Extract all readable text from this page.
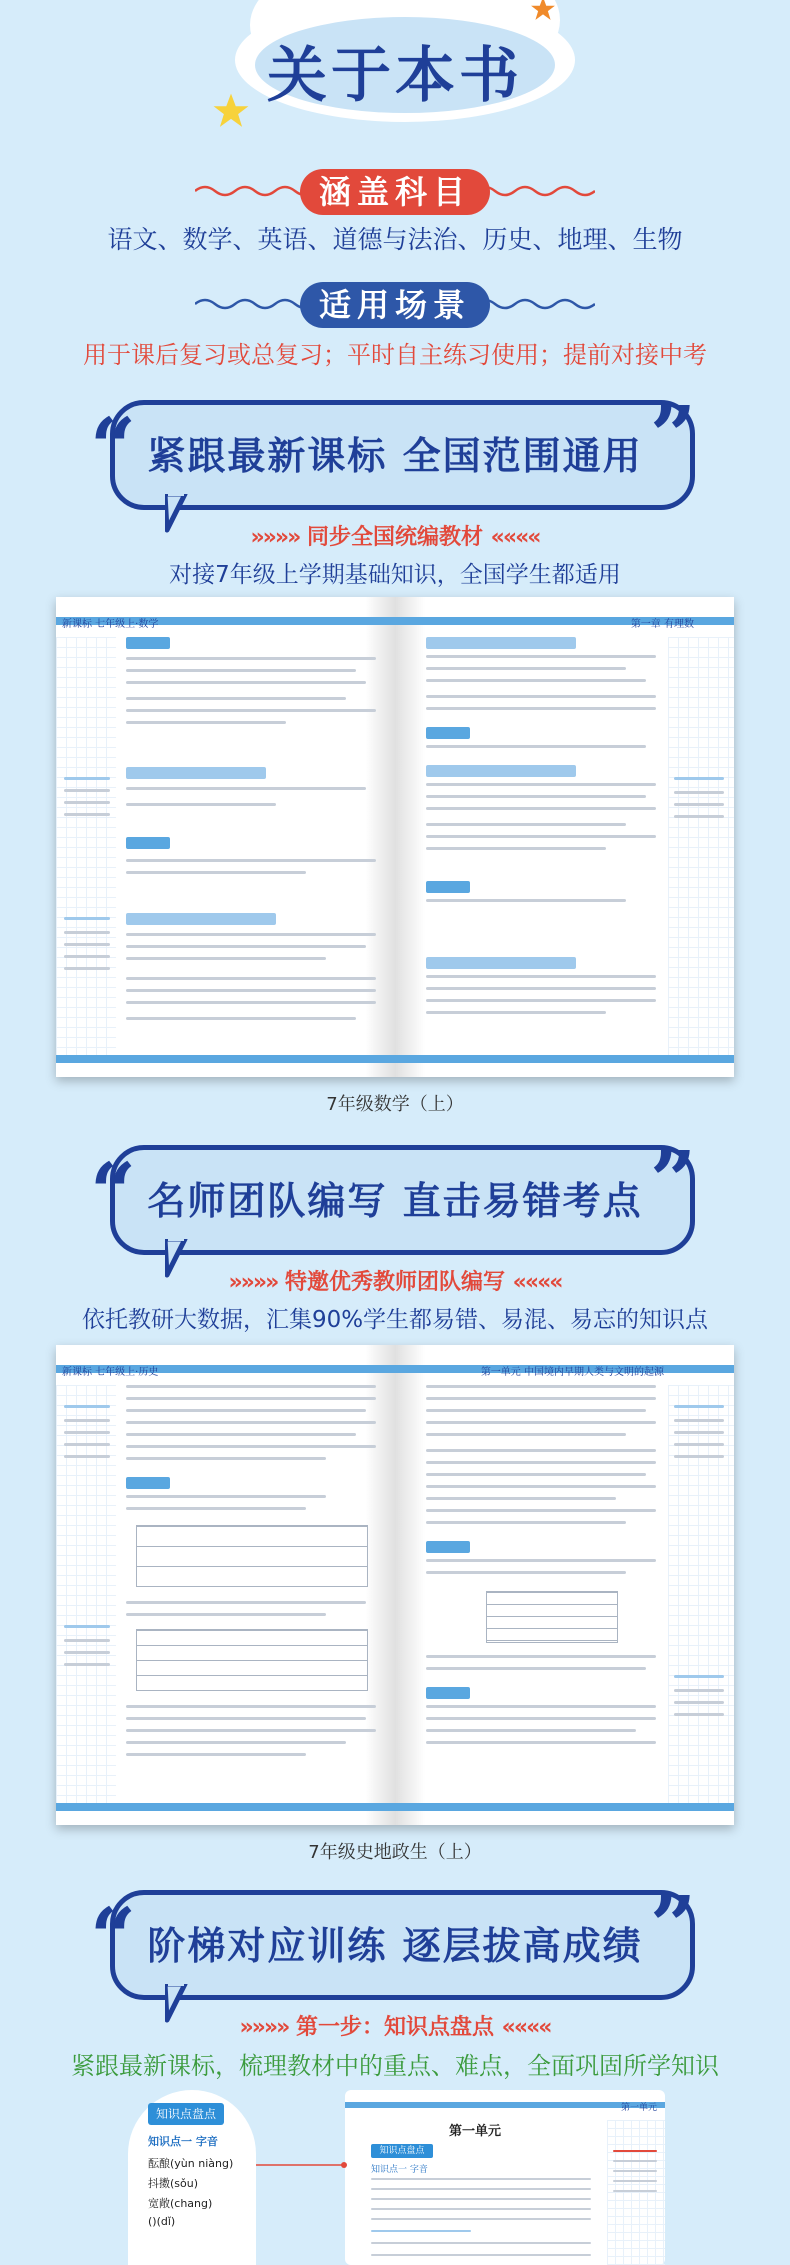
关于本书
涵盖科目
语文、数学、英语、道德与法治、历史、地理、生物
适用场景
用于课后复习或总复习；平时自主练习使用；提前对接中考
“	”
紧跟最新课标 全国范围通用
»»»» 同步全国统编教材 ««««
对接7年级上学期基础知识，全国学生都适用
新课标 七年级上·数学	第一章 有理数
7年级数学（上）
“	”
名师团队编写 直击易错考点
»»»» 特邀优秀教师团队编写 ««««
依托教研大数据，汇集90%学生都易错、易混、易忘的知识点
新课标 七年级上·历史	第一单元 中国境内早期人类与文明的起源
7年级史地政生（上）
“	”
阶梯对应训练 逐层拔高成绩
»»»» 第一步：知识点盘点 ««««
紧跟最新课标，梳理教材中的重点、难点，全面巩固所学知识
第一单元
第一单元
知识点盘点
知识点一 字音
知识点盘点
知识点一 字音
酝酿(yùn niàng)
抖擞(sǒu)
宽敞(chang)
()(dǐ)
